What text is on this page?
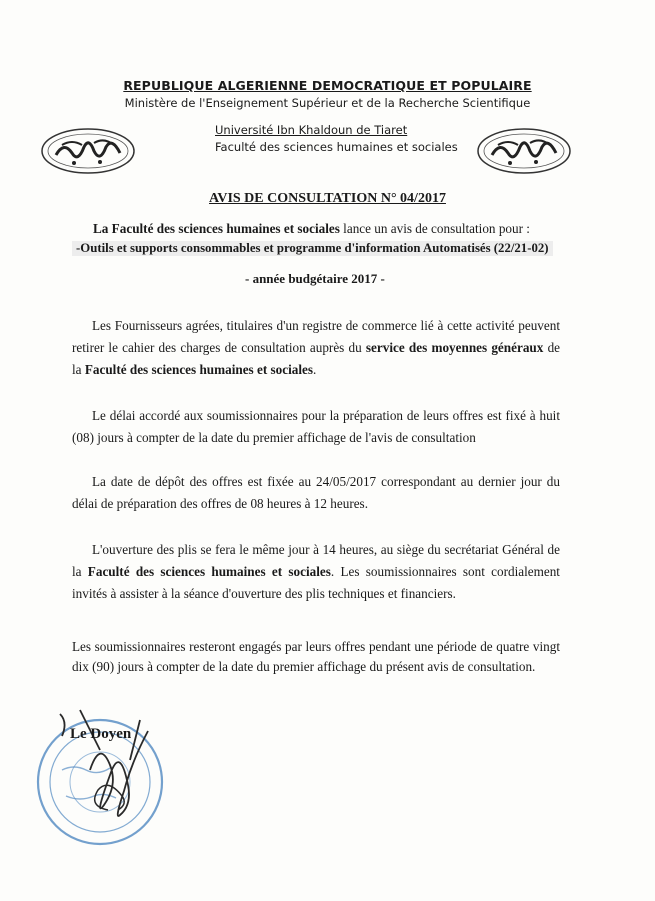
REPUBLIQUE ALGERIENNE DEMOCRATIQUE ET POPULAIRE
Ministère de l'Enseignement Supérieur et de la Recherche Scientifique
Université Ibn Khaldoun de Tiaret
Faculté des sciences humaines et sociales
AVIS DE CONSULTATION N° 04/2017
La Faculté des sciences humaines et sociales lance un avis de consultation pour :
-Outils et supports consommables et programme d'information Automatisés (22/21-02)
- année budgétaire 2017 -
Les Fournisseurs agrées, titulaires d'un registre de commerce lié à cette activité peuvent retirer le cahier des charges de consultation auprès du service des moyennes généraux de la Faculté des sciences humaines et sociales.
Le délai accordé aux soumissionnaires pour la préparation de leurs offres est fixé à huit (08) jours à compter de la date du premier affichage de l'avis de consultation
La date de dépôt des offres est fixée au 24/05/2017 correspondant au dernier jour du délai de préparation des offres de 08 heures à 12 heures.
L'ouverture des plis se fera le même jour à 14 heures, au siège du secrétariat Général de la Faculté des sciences humaines et sociales. Les soumissionnaires sont cordialement invités à assister à la séance d'ouverture des plis techniques et financiers.
Les soumissionnaires resteront engagés par leurs offres pendant une période de quatre vingt dix (90) jours à compter de la date du premier affichage du présent avis de consultation.
Le Doyen
